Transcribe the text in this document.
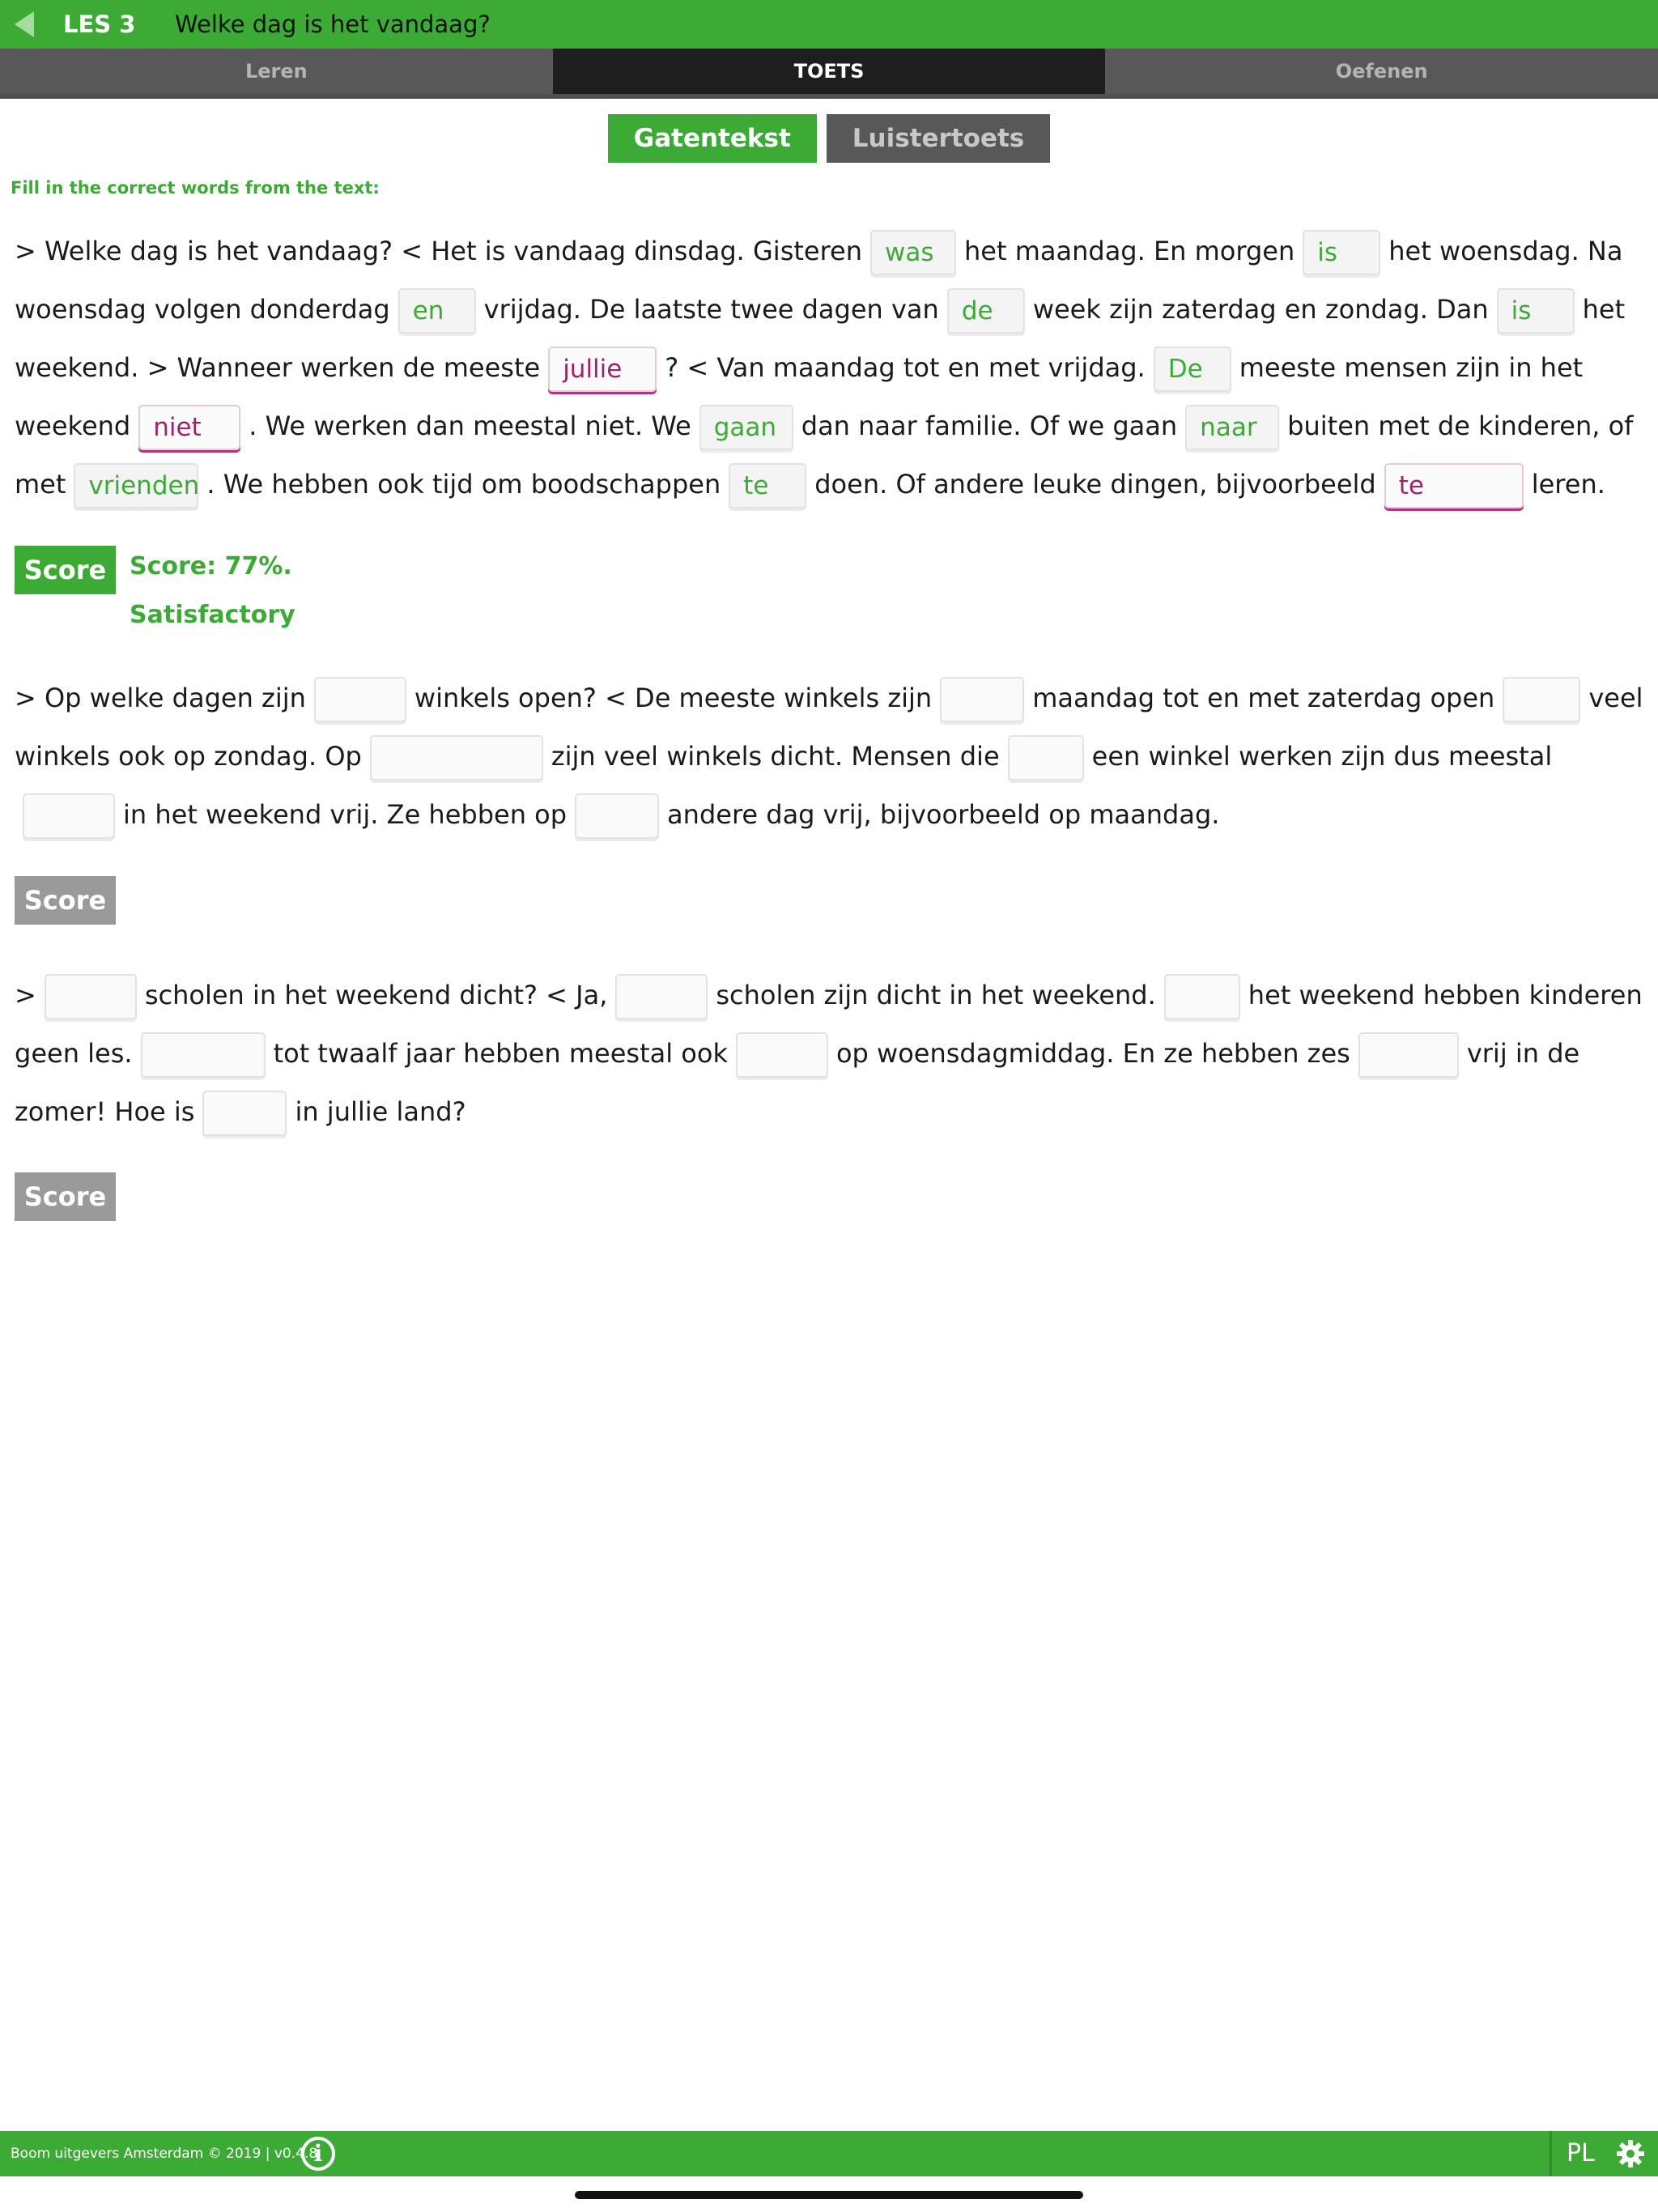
LES 3 Welke dag is het vandaag?
Leren	TOETS	Oefenen
Gatentekst	Luistertoets
Fill in the correct words from the text:
> Welke dag is het vandaag? < Het is vandaag dinsdag. Gisteren was het maandag. En morgen is het woensdag. Na woensdag volgen donderdag en vrijdag. De laatste twee dagen van de week zijn zaterdag en zondag. Dan is het weekend. > Wanneer werken de meeste jullie ? < Van maandag tot en met vrijdag. De meeste mensen zijn in het weekend niet . We werken dan meestal niet. We gaan dan naar familie. Of we gaan naar buiten met de kinderen, of met vrienden . We hebben ook tijd om boodschappen te doen. Of andere leuke dingen, bijvoorbeeld te	leren.
Score Score: 77%.
Satisfactory
> Op welke dagen zijn	winkels open? < De meeste winkels zijn	maandag tot en met zaterdag open	veel winkels ook op zondag. Op	zijn veel winkels dicht. Mensen die	een winkel werken zijn dus meestalin het weekend vrij. Ze hebben op	andere dag vrij, bijvoorbeeld op maandag.
Score
>	scholen in het weekend dicht? < Ja,	scholen zijn dicht in het weekend.	het weekend hebben kinderen geen les.	tot twaalf jaar hebben meestal ook	op woensdagmiddag. En ze hebben zes	vrij in de zomer! Hoe is	in jullie land?
Score
Boom uitgevers Amsterdam © 2019 | v0.4.8
i	PL
